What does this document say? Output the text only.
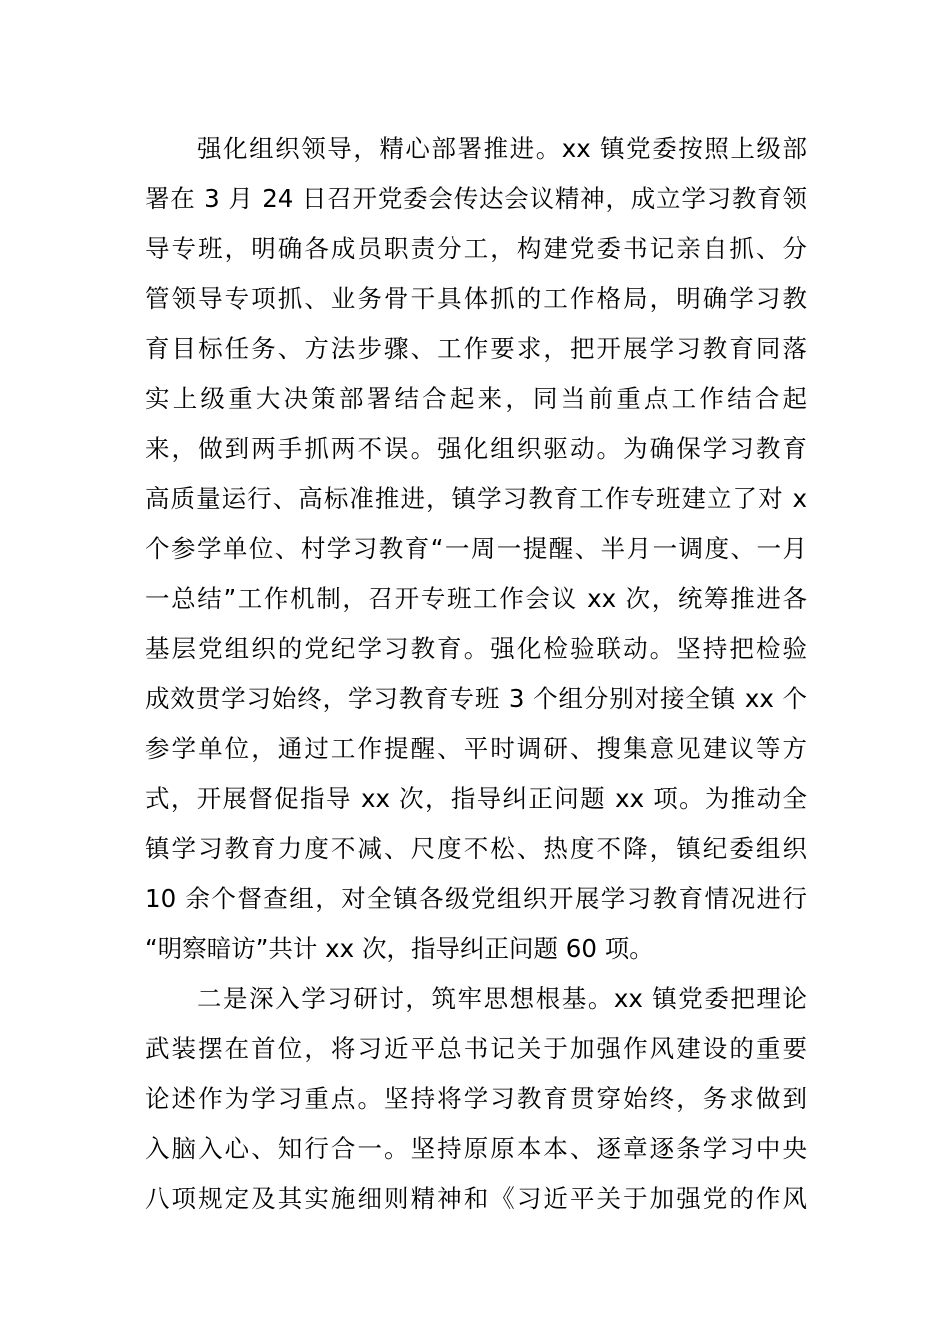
强化组织领导，精心部署推进。xx 镇党委按照上级部
署在 3 月 24 日召开党委会传达会议精神，成立学习教育领
导专班，明确各成员职责分工，构建党委书记亲自抓、分
管领导专项抓、业务骨干具体抓的工作格局，明确学习教
育目标任务、方法步骤、工作要求，把开展学习教育同落
实上级重大决策部署结合起来，同当前重点工作结合起
来，做到两手抓两不误。强化组织驱动。为确保学习教育
高质量运行、高标准推进，镇学习教育工作专班建立了对 x
个参学单位、村学习教育“一周一提醒、半月一调度、一月
一总结”工作机制，召开专班工作会议 xx 次，统筹推进各
基层党组织的党纪学习教育。强化检验联动。坚持把检验
成效贯学习始终，学习教育专班 3 个组分别对接全镇 xx 个
参学单位，通过工作提醒、平时调研、搜集意见建议等方
式，开展督促指导 xx 次，指导纠正问题 xx 项。为推动全
镇学习教育力度不减、尺度不松、热度不降，镇纪委组织
10 余个督查组，对全镇各级党组织开展学习教育情况进行
“明察暗访”共计 xx 次，指导纠正问题 60 项。
二是深入学习研讨，筑牢思想根基。xx 镇党委把理论
武装摆在首位，将习近平总书记关于加强作风建设的重要
论述作为学习重点。坚持将学习教育贯穿始终，务求做到
入脑入心、知行合一。坚持原原本本、逐章逐条学习中央
八项规定及其实施细则精神和《习近平关于加强党的作风
